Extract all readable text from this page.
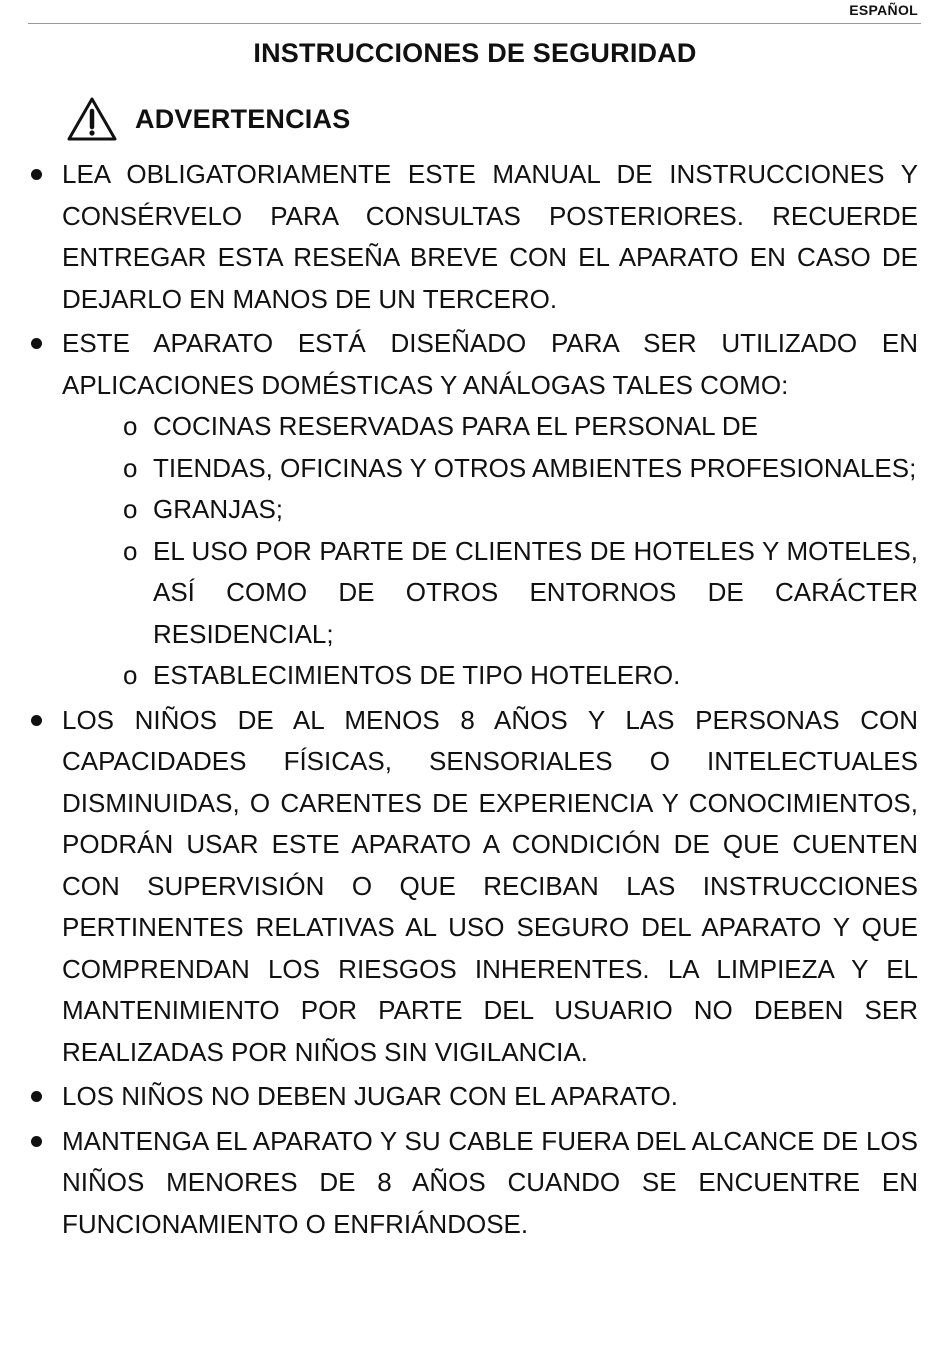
ESPAÑOL
INSTRUCCIONES DE SEGURIDAD
ADVERTENCIAS
LEA OBLIGATORIAMENTE ESTE MANUAL DE INSTRUCCIONES Y CONSÉRVELO PARA CONSULTAS POSTERIORES. RECUERDE ENTREGAR ESTA RESEÑA BREVE CON EL APARATO EN CASO DE DEJARLO EN MANOS DE UN TERCERO.
ESTE APARATO ESTÁ DISEÑADO PARA SER UTILIZADO EN APLICACIONES DOMÉSTICAS Y ANÁLOGAS TALES COMO:
o COCINAS RESERVADAS PARA EL PERSONAL DE
o TIENDAS, OFICINAS Y OTROS AMBIENTES PROFESIONALES;
o GRANJAS;
o EL USO POR PARTE DE CLIENTES DE HOTELES Y MOTELES, ASÍ COMO DE OTROS ENTORNOS DE CARÁCTER RESIDENCIAL;
o ESTABLECIMIENTOS DE TIPO HOTELERO.
LOS NIÑOS DE AL MENOS 8 AÑOS Y LAS PERSONAS CON CAPACIDADES FÍSICAS, SENSORIALES O INTELECTUALES DISMINUIDAS, O CARENTES DE EXPERIENCIA Y CONOCIMIENTOS, PODRÁN USAR ESTE APARATO A CONDICIÓN DE QUE CUENTEN CON SUPERVISIÓN O QUE RECIBAN LAS INSTRUCCIONES PERTINENTES RELATIVAS AL USO SEGURO DEL APARATO Y QUE COMPRENDAN LOS RIESGOS INHERENTES. LA LIMPIEZA Y EL MANTENIMIENTO POR PARTE DEL USUARIO NO DEBEN SER REALIZADAS POR NIÑOS SIN VIGILANCIA.
LOS NIÑOS NO DEBEN JUGAR CON EL APARATO.
MANTENGA EL APARATO Y SU CABLE FUERA DEL ALCANCE DE LOS NIÑOS MENORES DE 8 AÑOS CUANDO SE ENCUENTRE EN FUNCIONAMIENTO O ENFRIÁNDOSE.
